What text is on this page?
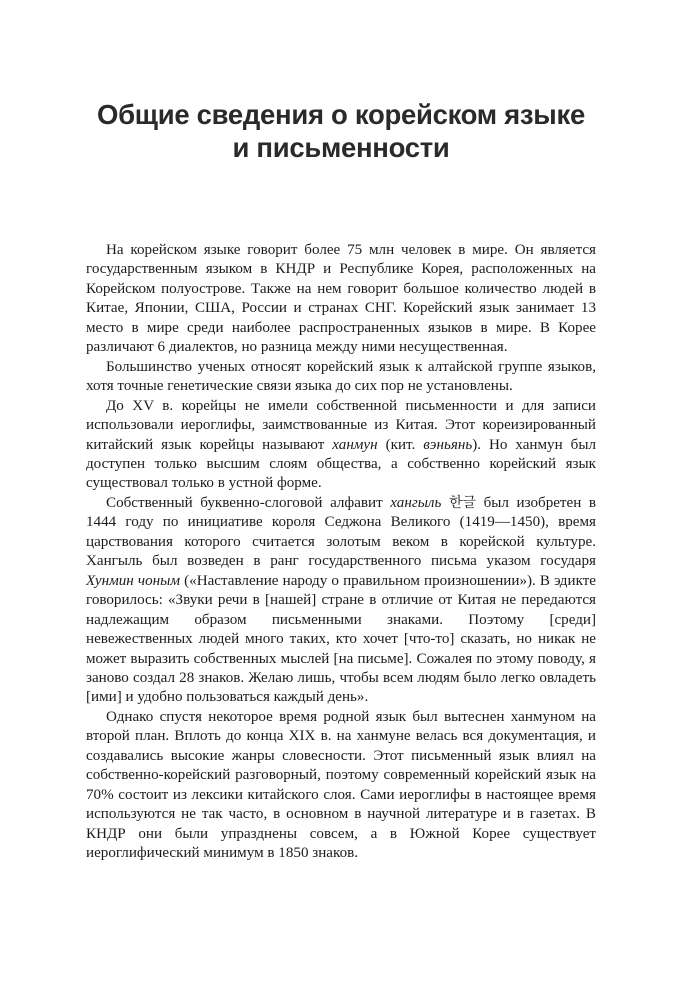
Общие сведения о корейском языке
и письменности

На корейском языке говорит более 75 млн человек в мире. Он является государственным языком в КНДР и Республике Корея, расположенных на Корейском полуострове. Также на нем говорит большое количество людей в Китае, Японии, США, России и странах СНГ. Корейский язык занимает 13 место в мире среди наиболее распространенных языков в мире. В Корее различают 6 диалектов, но разница между ними несущественная.

Большинство ученых относят корейский язык к алтайской группе языков, хотя точные генетические связи языка до сих пор не установлены.

До XV в. корейцы не имели собственной письменности и для записи использовали иероглифы, заимствованные из Китая. Этот кореизированный китайский язык корейцы называют ханмун (кит. вэньянь). Но ханмун был доступен только высшим слоям общества, а собственно корейский язык существовал только в устной форме.

Собственный буквенно-слоговой алфавит хангыль 한글 был изобретен в 1444 году по инициативе короля Седжона Великого (1419—1450), время царствования которого считается золотым веком в корейской культуре. Хангыль был возведен в ранг государственного письма указом государя Хунмин чоным («Наставление народу о правильном произношении»). В эдикте говорилось: «Звуки речи в [нашей] стране в отличие от Китая не передаются надлежащим образом письменными знаками. Поэтому [среди] невежественных людей много таких, кто хочет [что-то] сказать, но никак не может выразить собственных мыслей [на письме]. Сожалея по этому поводу, я заново создал 28 знаков. Желаю лишь, чтобы всем людям было легко овладеть [ими] и удобно пользоваться каждый день».

Однако спустя некоторое время родной язык был вытеснен ханмуном на второй план. Вплоть до конца XIX в. на ханмуне велась вся документация, и создавались высокие жанры словесности. Этот письменный язык влиял на собственно-корейский разговорный, поэтому современный корейский язык на 70% состоит из лексики китайского слоя. Сами иероглифы в настоящее время используются не так часто, в основном в научной литературе и в газетах. В КНДР они были упразднены совсем, а в Южной Корее существует иероглифический минимум в 1850 знаков.
